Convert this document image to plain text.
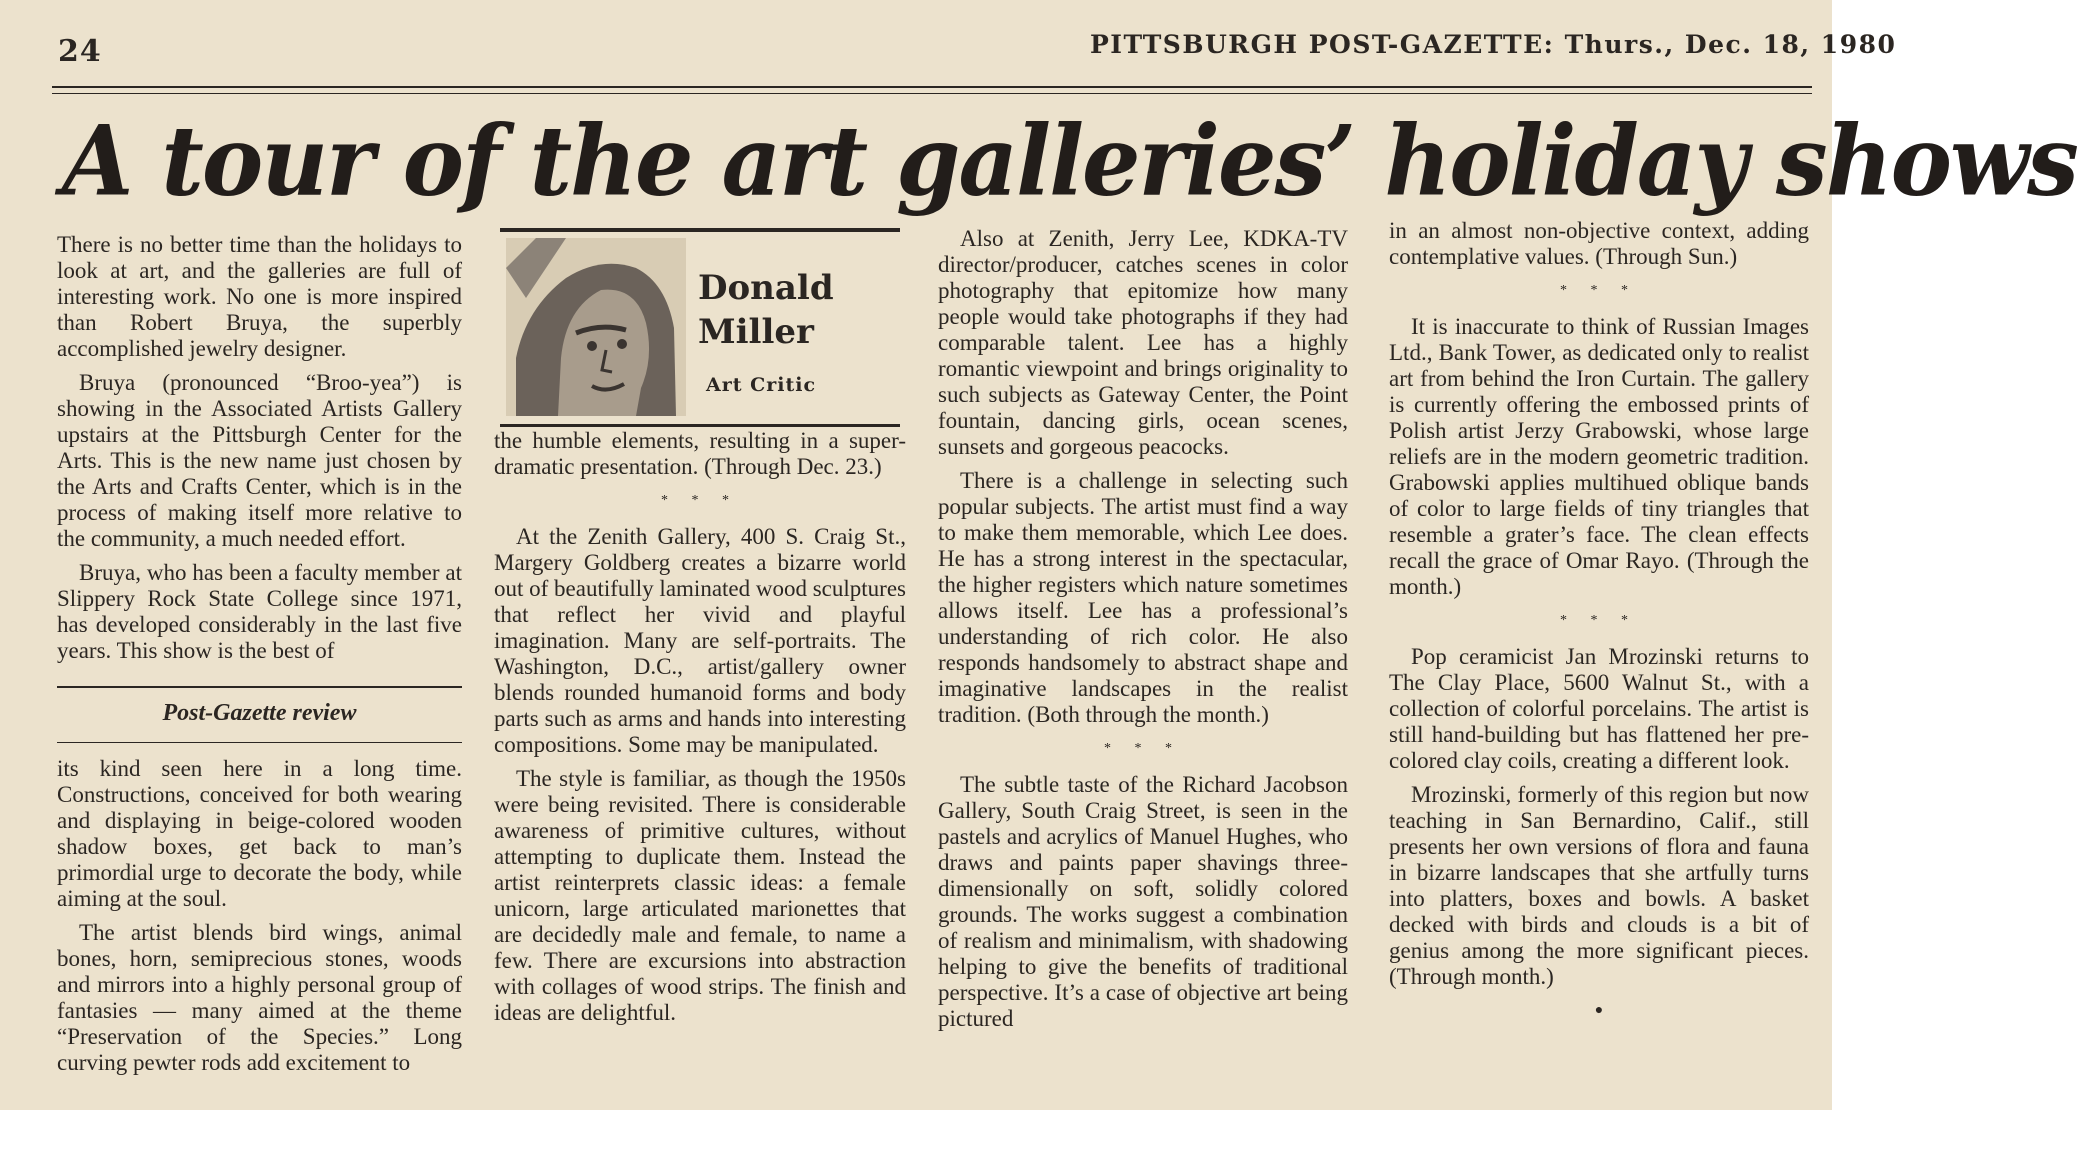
24	PITTSBURGH POST-GAZETTE: Thurs., Dec. 18, 1980
A tour of the art galleries’ holiday shows

There is no better time than the holidays to look at art, and the galleries are full of interesting work. No one is more inspired than Robert Bruya, the superbly accomplished jewelry designer.

Bruya (pronounced “Broo-yea”) is showing in the Associated Artists Gallery upstairs at the Pittsburgh Center for the Arts. This is the new name just chosen by the Arts and Crafts Center, which is in the process of making itself more relative to the community, a much needed effort.

Bruya, who has been a faculty member at Slippery Rock State College since 1971, has developed considerably in the last five years. This show is the best of

Post-Gazette review

its kind seen here in a long time. Constructions, conceived for both wearing and displaying in beige-colored wooden shadow boxes, get back to man’s primordial urge to decorate the body, while aiming at the soul.

The artist blends bird wings, animal bones, horn, semiprecious stones, woods and mirrors into a highly personal group of fantasies — many aimed at the theme “Preservation of the Species.” Long curving pewter rods add excitement to

Donald
Miller
Art Critic

the humble elements, resulting in a super-dramatic presentation. (Through Dec. 23.)

* * *

At the Zenith Gallery, 400 S. Craig St., Margery Goldberg creates a bizarre world out of beautifully laminated wood sculptures that reflect her vivid and playful imagination. Many are self-portraits. The Washington, D.C., artist/gallery owner blends rounded humanoid forms and body parts such as arms and hands into interesting compositions. Some may be manipulated.

The style is familiar, as though the 1950s were being revisited. There is considerable awareness of primitive cultures, without attempting to duplicate them. Instead the artist reinterprets classic ideas: a female unicorn, large articulated marionettes that are decidedly male and female, to name a few. There are excursions into abstraction with collages of wood strips. The finish and ideas are delightful.

Also at Zenith, Jerry Lee, KDKA-TV director/producer, catches scenes in color photography that epitomize how many people would take photographs if they had comparable talent. Lee has a highly romantic viewpoint and brings originality to such subjects as Gateway Center, the Point fountain, dancing girls, ocean scenes, sunsets and gorgeous peacocks.

There is a challenge in selecting such popular subjects. The artist must find a way to make them memorable, which Lee does. He has a strong interest in the spectacular, the higher registers which nature sometimes allows itself. Lee has a professional’s understanding of rich color. He also responds handsomely to abstract shape and imaginative landscapes in the realist tradition. (Both through the month.)

* * *

The subtle taste of the Richard Jacobson Gallery, South Craig Street, is seen in the pastels and acrylics of Manuel Hughes, who draws and paints paper shavings three-dimensionally on soft, solidly colored grounds. The works suggest a combination of realism and minimalism, with shadowing helping to give the benefits of traditional perspective. It’s a case of objective art being pictured

in an almost non-objective context, adding contemplative values. (Through Sun.)

* * *

It is inaccurate to think of Russian Images Ltd., Bank Tower, as dedicated only to realist art from behind the Iron Curtain. The gallery is currently offering the embossed prints of Polish artist Jerzy Grabowski, whose large reliefs are in the modern geometric tradition. Grabowski applies multihued oblique bands of color to large fields of tiny triangles that resemble a grater’s face. The clean effects recall the grace of Omar Rayo. (Through the month.)

* * *

Pop ceramicist Jan Mrozinski returns to The Clay Place, 5600 Walnut St., with a collection of colorful porcelains. The artist is still hand-building but has flattened her pre-colored clay coils, creating a different look.

Mrozinski, formerly of this region but now teaching in San Bernardino, Calif., still presents her own versions of flora and fauna in bizarre landscapes that she artfully turns into platters, boxes and bowls. A basket decked with birds and clouds is a bit of genius among the more significant pieces. (Through month.)

●
